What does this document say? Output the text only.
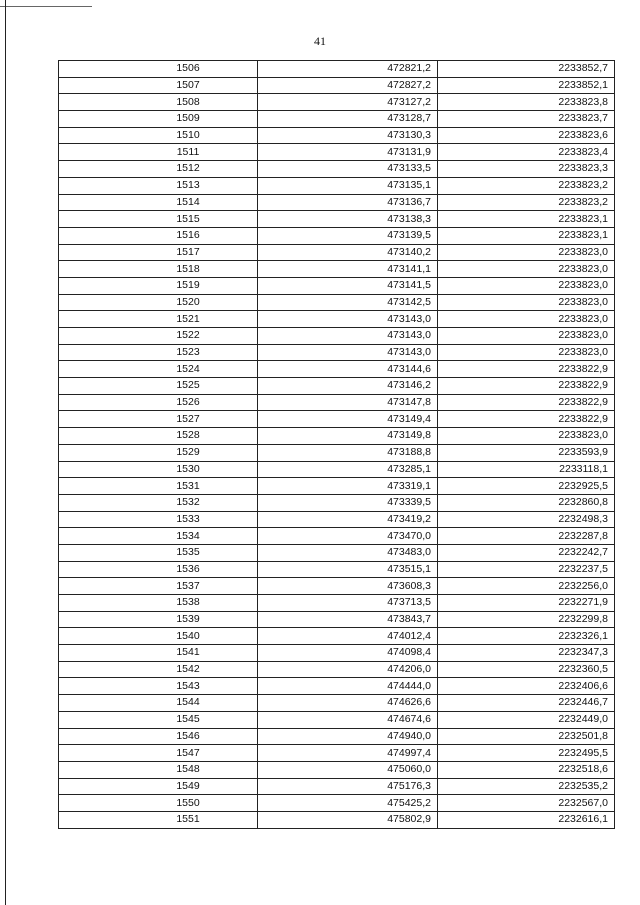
41
1506	472821,2	2233852,7
1507	472827,2	2233852,1
1508	473127,2	2233823,8
1509	473128,7	2233823,7
1510	473130,3	2233823,6
1511	473131,9	2233823,4
1512	473133,5	2233823,3
1513	473135,1	2233823,2
1514	473136,7	2233823,2
1515	473138,3	2233823,1
1516	473139,5	2233823,1
1517	473140,2	2233823,0
1518	473141,1	2233823,0
1519	473141,5	2233823,0
1520	473142,5	2233823,0
1521	473143,0	2233823,0
1522	473143,0	2233823,0
1523	473143,0	2233823,0
1524	473144,6	2233822,9
1525	473146,2	2233822,9
1526	473147,8	2233822,9
1527	473149,4	2233822,9
1528	473149,8	2233823,0
1529	473188,8	2233593,9
1530	473285,1	2233118,1
1531	473319,1	2232925,5
1532	473339,5	2232860,8
1533	473419,2	2232498,3
1534	473470,0	2232287,8
1535	473483,0	2232242,7
1536	473515,1	2232237,5
1537	473608,3	2232256,0
1538	473713,5	2232271,9
1539	473843,7	2232299,8
1540	474012,4	2232326,1
1541	474098,4	2232347,3
1542	474206,0	2232360,5
1543	474444,0	2232406,6
1544	474626,6	2232446,7
1545	474674,6	2232449,0
1546	474940,0	2232501,8
1547	474997,4	2232495,5
1548	475060,0	2232518,6
1549	475176,3	2232535,2
1550	475425,2	2232567,0
1551	475802,9	2232616,1
